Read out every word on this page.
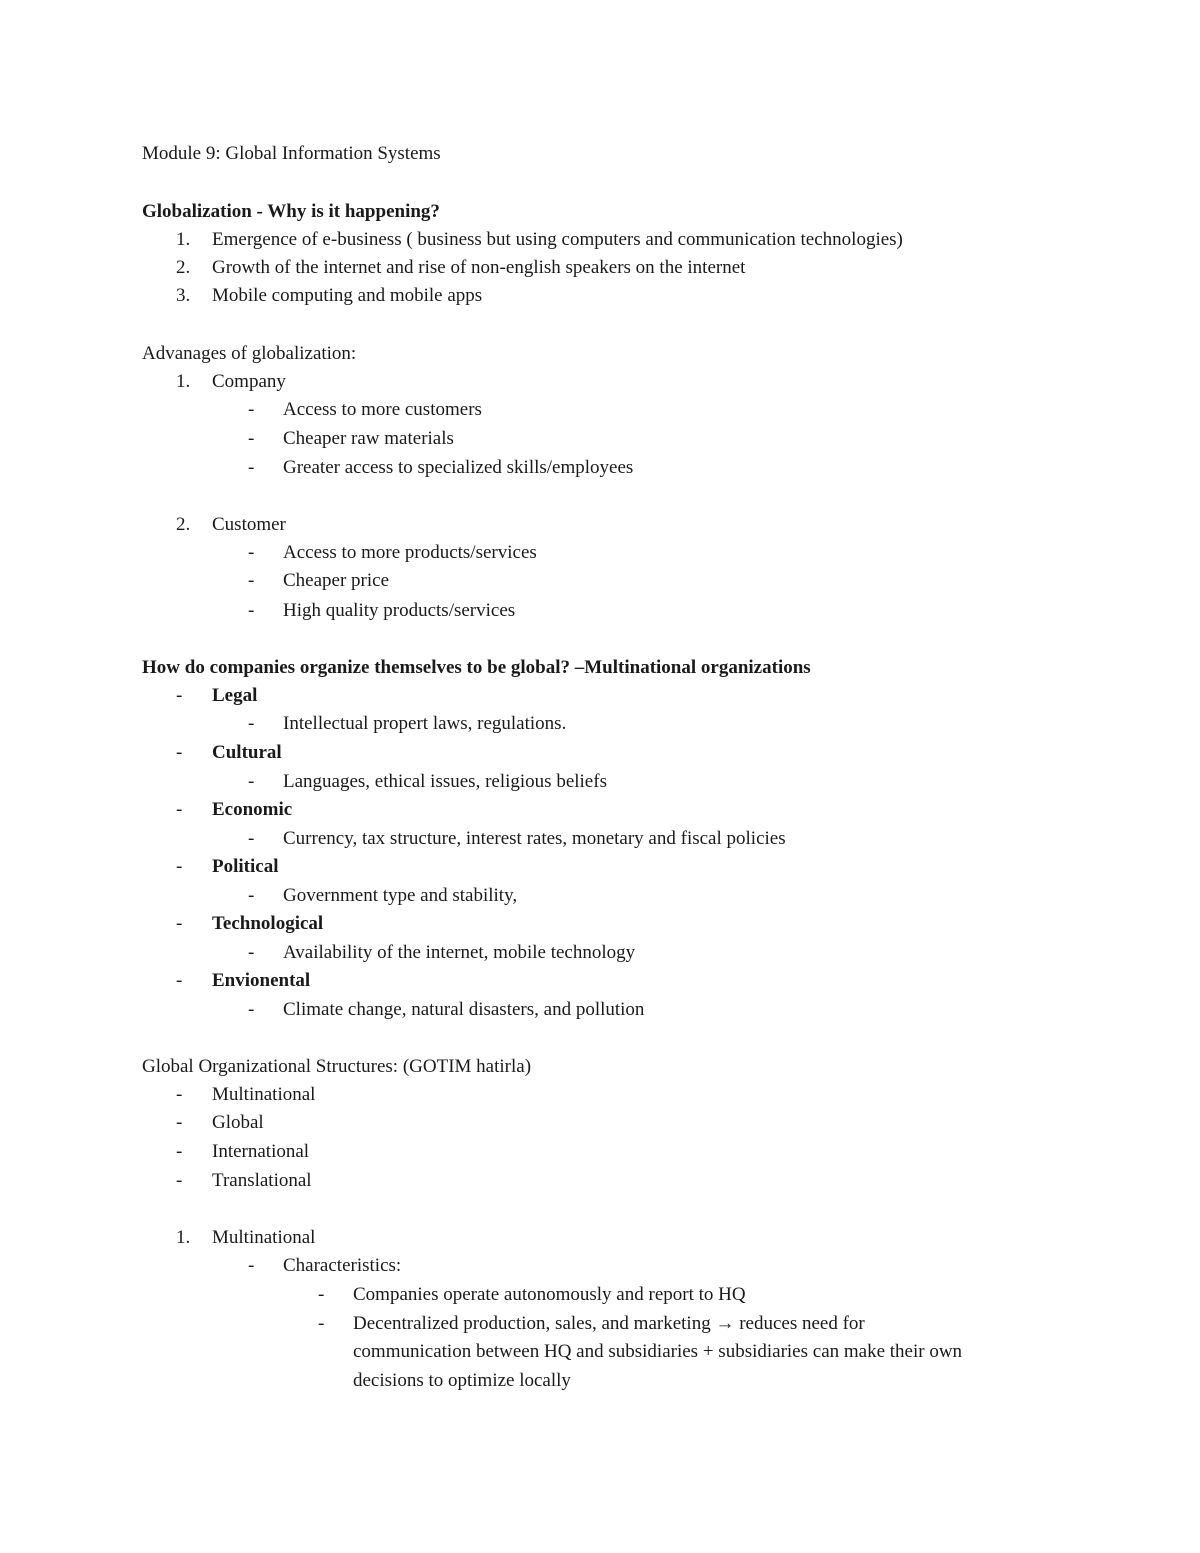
Module 9: Global Information Systems
Globalization - Why is it happening?
1. Emergence of e-business ( business but using computers and communication technologies)
2. Growth of the internet and rise of non-english speakers on the internet
3. Mobile computing and mobile apps
Advanages of globalization:
1. Company
- Access to more customers
- Cheaper raw materials
- Greater access to specialized skills/employees
2. Customer
- Access to more products/services
- Cheaper price
- High quality products/services
How do companies organize themselves to be global? –Multinational organizations
- Legal
- Intellectual propert laws, regulations.
- Cultural
- Languages, ethical issues, religious beliefs
- Economic
- Currency, tax structure, interest rates, monetary and fiscal policies
- Political
- Government type and stability,
- Technological
- Availability of the internet, mobile technology
- Envionental
- Climate change, natural disasters, and pollution
Global Organizational Structures: (GOTIM hatirla)
- Multinational
- Global
- International
- Translational
1. Multinational
- Characteristics:
- Companies operate autonomously and report to HQ
- Decentralized production, sales, and marketing → reduces need for
communication between HQ and subsidiaries + subsidiaries can make their own
decisions to optimize locally
